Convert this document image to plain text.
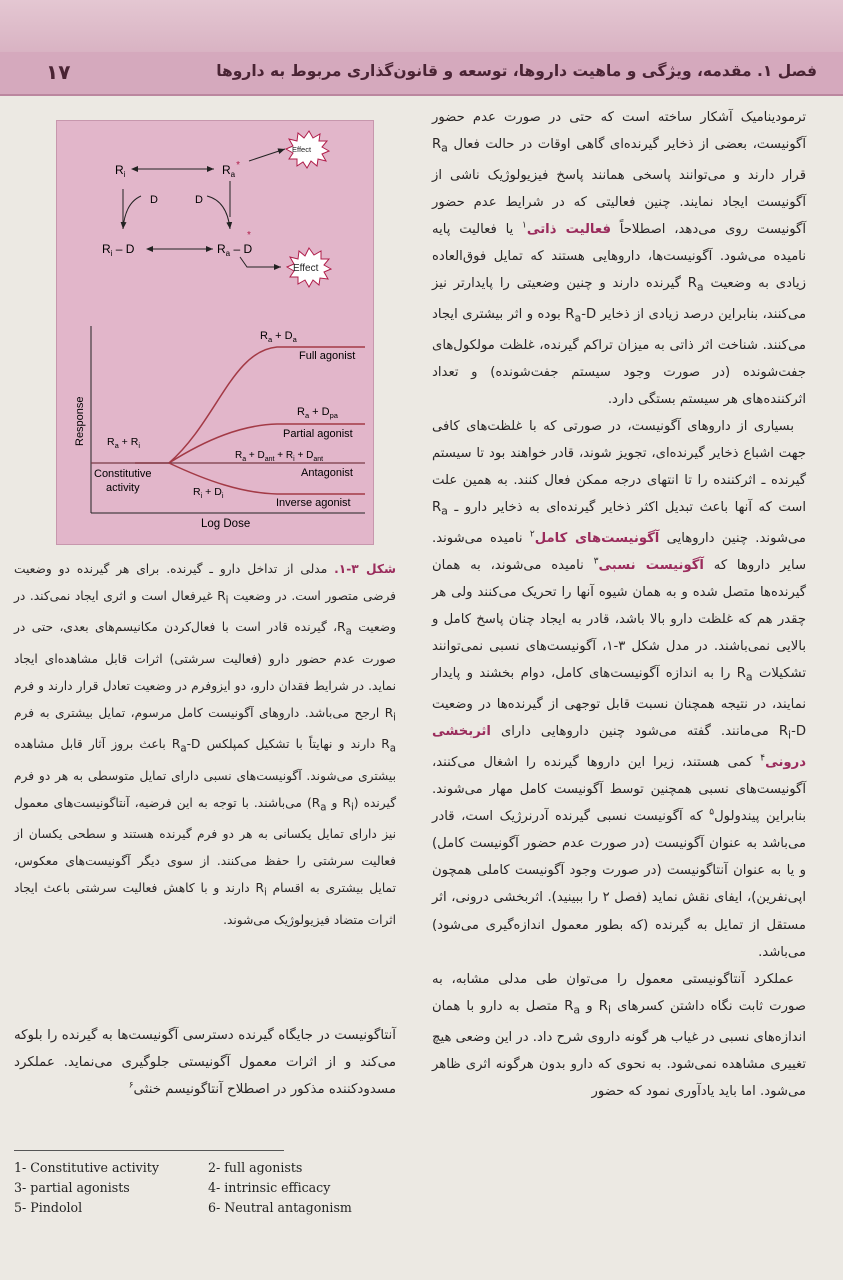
فصل ۱. مقدمه، ویژگی و ماهیت داروها، توسعه و قانون‌گذاری مربوط به داروها
۱۷

ترمودینامیک آشکار ساخته است که حتی در صورت عدم حضور آگونیست، بعضی از ذخایر گیرنده‌ای گاهی اوقات در حالت فعال $R_a$ قرار دارند و می‌توانند پاسخی همانند پاسخ فیزیولوژیک ناشی از آگونیست ایجاد نمایند. چنین فعالیتی که در شرایط عدم حضور آگونیست روی می‌دهد، اصطلاحاً فعالیت ذاتی$^۱$ یا فعالیت پایه نامیده می‌شود. آگونیست‌ها، داروهایی هستند که تمایل فوق‌العاده زیادی به وضعیت $R_a$ گیرنده دارند و چنین وضعیتی را پایدارتر نیز می‌کنند، بنابراین درصد زیادی از ذخایر $R_a-D$ بوده و اثر بیشتری ایجاد می‌کنند. شناخت اثر ذاتی به میزان تراکم گیرنده، غلظت مولکول‌های جفت‌شونده (در صورت وجود سیستم جفت‌شونده) و تعداد اثرکننده‌های هر سیستم بستگی دارد.

بسیاری از داروهای آگونیست، در صورتی که با غلظت‌های کافی جهت اشباع ذخایر گیرنده‌ای، تجویز شوند، قادر خواهند بود تا سیستم گیرنده ـ اثرکننده را تا انتهای درجه ممکن فعال کنند. به همین علت است که آنها باعث تبدیل اکثر ذخایر گیرنده‌ای به ذخایر دارو ـ $R_a$ می‌شوند. چنین داروهایی آگونیست‌های کامل$^۲$ نامیده می‌شوند. سایر داروها که آگونیست نسبی$^۳$ نامیده می‌شوند، به همان گیرنده‌ها متصل شده و به همان شیوه آنها را تحریک می‌کنند ولی هر چقدر هم که غلظت دارو بالا باشد، قادر به ایجاد چنان پاسخ کامل و بالایی نمی‌باشند. در مدل شکل ۳-۱، آگونیست‌های نسبی نمی‌توانند تشکیلات $R_a$ را به اندازه آگونیست‌های کامل، دوام بخشند و پایدار نمایند، در نتیجه همچنان نسبت قابل توجهی از گیرنده‌ها در وضعیت $R_i-D$ می‌مانند. گفته می‌شود چنین داروهایی دارای اثربخشی درونی$^۴$ کمی هستند، زیرا این داروها گیرنده را اشغال می‌کنند، آگونیست‌های نسبی همچنین توسط آگونیست کامل مهار می‌شوند. بنابراین پیندولول$^۵$ که آگونیست نسبی گیرنده آدرنرژیک است، قادر می‌باشد به عنوان آگونیست (در صورت عدم حضور آگونیست کامل) و یا به عنوان آنتاگونیست (در صورت وجود آگونیست کاملی همچون اپی‌نفرین)، ایفای نقش نماید (فصل ۲ را ببینید). اثربخشی درونی، اثر مستقل از تمایل به گیرنده (که بطور معمول اندازه‌گیری می‌شود) می‌باشد.

عملکرد آنتاگونیستی معمول را می‌توان طی مدلی مشابه، به صورت ثابت نگاه داشتن کسرهای $R_i$ و $R_a$ متصل به دارو با همان اندازه‌های نسبی در غیاب هر گونه داروی شرح داد. در این وضعی هیچ تغییری مشاهده نمی‌شود. به نحوی که دارو بدون هرگونه اثری ظاهر می‌شود. اما باید یادآوری نمود که حضور

$R_i$	$R_a^*$
Effect
D	D
$R_i$ – D	$R_a$ – D
*
Effect
Response
Log Dose
$R_a + D_a$
Full agonist
$R_a + D_{pa}$
Partial agonist
$R_a + D_{ant} + R_i + D_{ant}$
Antagonist
$R_a + R_i$
Constitutive
activity	$R_i + D_i$
Inverse agonist
شکل ۳-۱. مدلی از تداخل دارو ـ گیرنده. برای هر گیرنده دو وضعیت فرضی متصور است. در وضعیت $R_i$ غیرفعال است و اثری ایجاد نمی‌کند. در وضعیت $R_a،$ گیرنده قادر است با فعال‌کردن مکانیسم‌های بعدی، حتی در صورت عدم حضور دارو (فعالیت سرشتی) اثرات قابل مشاهده‌ای ایجاد نماید. در شرایط فقدان دارو، دو ایزوفرم در وضعیت تعادل قرار دارند و فرم $R_i$ ارجح می‌باشد. داروهای آگونیست کامل مرسوم، تمایل بیشتری به فرم $R_a$ دارند و نهایتاً با تشکیل کمپلکس $R_a-D$ باعث بروز آثار قابل مشاهده بیشتری می‌شوند. آگونیست‌های نسبی دارای تمایل متوسطی به هر دو فرم گیرنده ($R_i$ و $R_a$) می‌باشند. با توجه به این فرضیه، آنتاگونیست‌های معمول نیز دارای تمایل یکسانی به هر دو فرم گیرنده هستند و سطحی یکسان از فعالیت سرشتی را حفظ می‌کنند. از سوی دیگر آگونیست‌های معکوس، تمایل بیشتری به اقسام $R_i$ دارند و با کاهش فعالیت سرشتی باعث ایجاد اثرات متضاد فیزیولوژیک می‌شوند.
آنتاگونیست در جایگاه گیرنده دسترسی آگونیست‌ها به گیرنده را بلوکه می‌کند و از اثرات معمول آگونیستی جلوگیری می‌نماید. عملکرد مسدودکننده مذکور در اصطلاح آنتاگونیسم خنثی$^۶$
1- Constitutive activity	2- full agonists
3- partial agonists	4- intrinsic efficacy
5- Pindolol	6- Neutral antagonism
